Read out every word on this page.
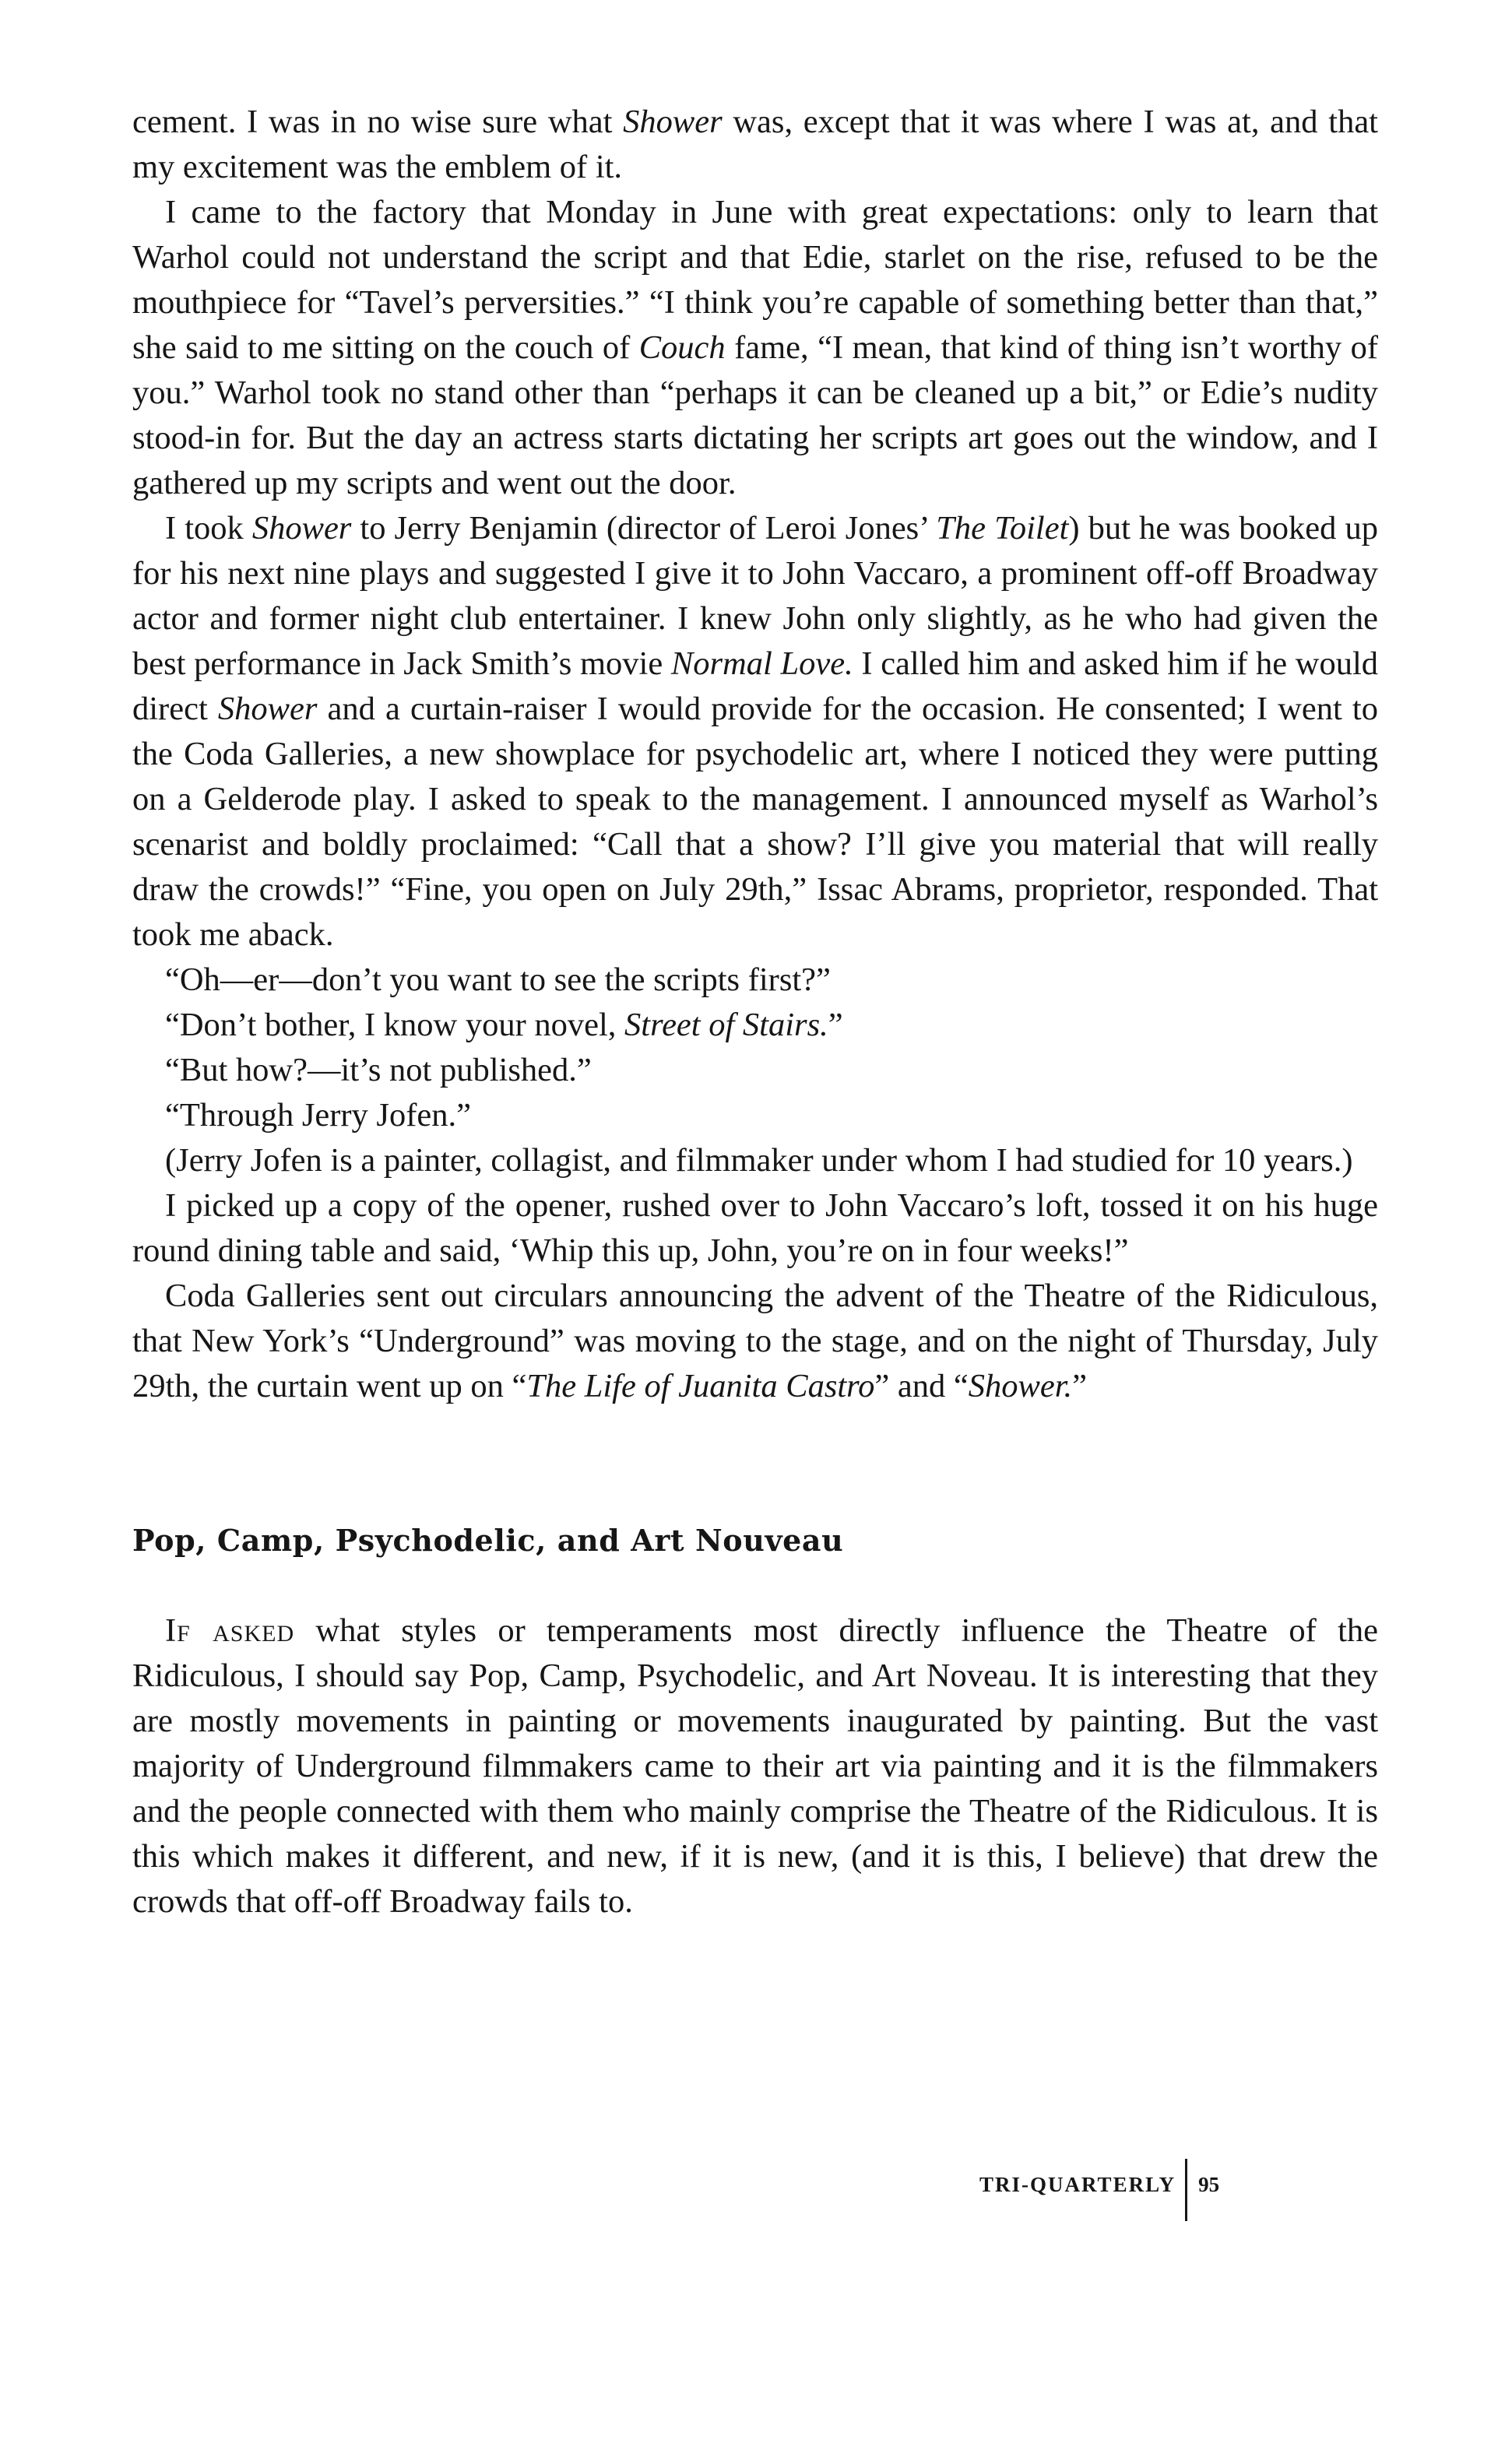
cement. I was in no wise sure what Shower was, except that it was where I was at, and that my excitement was the emblem of it.

I came to the factory that Monday in June with great expectations: only to learn that Warhol could not understand the script and that Edie, starlet on the rise, refused to be the mouthpiece for “Tavel’s perversities.” “I think you’re capable of something better than that,” she said to me sitting on the couch of Couch fame, “I mean, that kind of thing isn’t worthy of you.” Warhol took no stand other than “perhaps it can be cleaned up a bit,” or Edie’s nudity stood-in for. But the day an actress starts dictating her scripts art goes out the window, and I gathered up my scripts and went out the door.

I took Shower to Jerry Benjamin (director of Leroi Jones’ The Toilet) but he was booked up for his next nine plays and suggested I give it to John Vaccaro, a prominent off-off Broadway actor and former night club entertainer. I knew John only slightly, as he who had given the best performance in Jack Smith’s movie Normal Love. I called him and asked him if he would direct Shower and a curtain-raiser I would provide for the occasion. He consented; I went to the Coda Galleries, a new showplace for psychodelic art, where I noticed they were putting on a Gelderode play. I asked to speak to the management. I announced myself as Warhol’s scenarist and boldly proclaimed: “Call that a show? I’ll give you material that will really draw the crowds!” “Fine, you open on July 29th,” Issac Abrams, proprietor, responded. That took me aback.

“Oh—er—don’t you want to see the scripts first?”

“Don’t bother, I know your novel, Street of Stairs.”

“But how?—it’s not published.”

“Through Jerry Jofen.”

(Jerry Jofen is a painter, collagist, and filmmaker under whom I had studied for 10 years.)

I picked up a copy of the opener, rushed over to John Vaccaro’s loft, tossed it on his huge round dining table and said, ‘Whip this up, John, you’re on in four weeks!”

Coda Galleries sent out circulars announcing the advent of the Theatre of the Ridiculous, that New York’s “Underground” was moving to the stage, and on the night of Thursday, July 29th, the curtain went up on “The Life of Juanita Castro” and “Shower.”

Pop, Camp, Psychodelic, and Art Nouveau

If asked what styles or temperaments most directly influence the Theatre of the Ridiculous, I should say Pop, Camp, Psychodelic, and Art Noveau. It is interesting that they are mostly movements in painting or movements inaugurated by painting. But the vast majority of Underground filmmakers came to their art via painting and it is the filmmakers and the people connected with them who mainly comprise the Theatre of the Ridiculous. It is this which makes it different, and new, if it is new, (and it is this, I believe) that drew the crowds that off-off Broadway fails to.

TRI-QUARTERLY	95
